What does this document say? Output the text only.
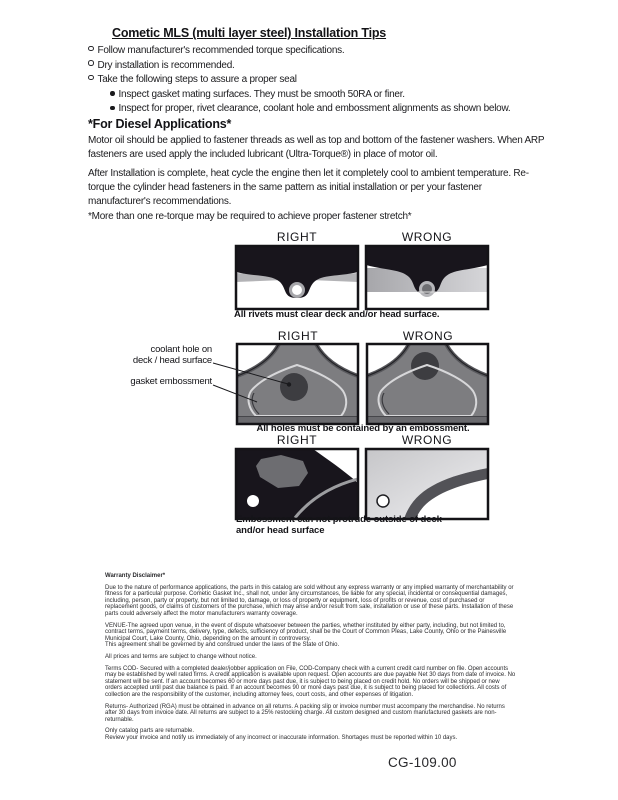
Cometic MLS (multi layer steel) Installation Tips
Follow manufacturer's recommended torque specifications.
Dry installation is recommended.
Take the following steps to assure a proper seal
Inspect gasket mating surfaces. They must be smooth 50RA or finer.
Inspect for proper, rivet clearance, coolant hole and embossment alignments as shown below.
*For Diesel Applications*
Motor oil should be applied to fastener threads as well as top and bottom of the fastener washers. When ARP fasteners are used apply the included lubricant (Ultra-Torque®) in place of motor oil.
After Installation is complete, heat cycle the engine then let it completely cool to ambient temperature. Re-torque the cylinder head fasteners in the same pattern as initial installation or per your fastener manufacturer's recommendations.
*More than one re-torque may be required to achieve proper fastener stretch*
RIGHT	WRONG
RIGHT	WRONG
RIGHT	WRONG
All rivets must clear deck and/or head surface.
coolant hole on
deck / head surface
gasket embossment
All holes must be contained by an embossment.
Embossment can not protrude outside of deck
and/or head surface
Warranty Disclaimer*
Due to the nature of performance applications, the parts in this catalog are sold without any express warranty or any implied warranty of merchantability or fitness for a particular purpose. Cometic Gasket Inc., shall not, under any circumstances, be liable for any special, incidental or consequential damages, including, person, party or property, but not limited to, damage, or loss of property or equipment, loss of profits or revenue, cost of purchased or replacement goods, or claims of customers of the purchase, which may arise and/or result from sale, installation or use of these parts. Installation of these parts could adversely affect the motor manufacturers warranty coverage.
VENUE-The agreed upon venue, in the event of dispute whatsoever between the parties, whether instituted by either party, including, but not limited to, contract terms, payment terms, delivery, type, defects, sufficiency of product, shall be the Court of Common Pleas, Lake County, Ohio or the Painesville Municipal Court, Lake County, Ohio, depending on the amount in controversy.
This agreement shall be governed by and construed under the laws of the State of Ohio.
All prices and terms are subject to change without notice.
Terms COD- Secured with a completed dealer/jobber application on File, COD-Company check with a current credit card number on file. Open accounts may be established by well rated firms. A credit application is available upon request. Open accounts are due payable Net 30 days from date of invoice. No statement will be sent. If an account becomes 60 or more days past due, it is subject to being placed on credit hold. No orders will be shipped or new orders accepted until past due balance is paid. If an account becomes 90 or more days past due, it is subject to being placed for collections. All costs of collection are the responsibility of the customer, including attorney fees, court costs, and other expenses of litigation.
Returns- Authorized (RGA) must be obtained in advance on all returns. A packing slip or invoice number must accompany the merchandise. No returns after 30 days from invoice date. All returns are subject to a 25% restocking charge. All custom designed and custom manufactured gaskets are non-returnable.
Only catalog parts are returnable.
Review your invoice and notify us immediately of any incorrect or inaccurate information. Shortages must be reported within 10 days.
CG-109.00
